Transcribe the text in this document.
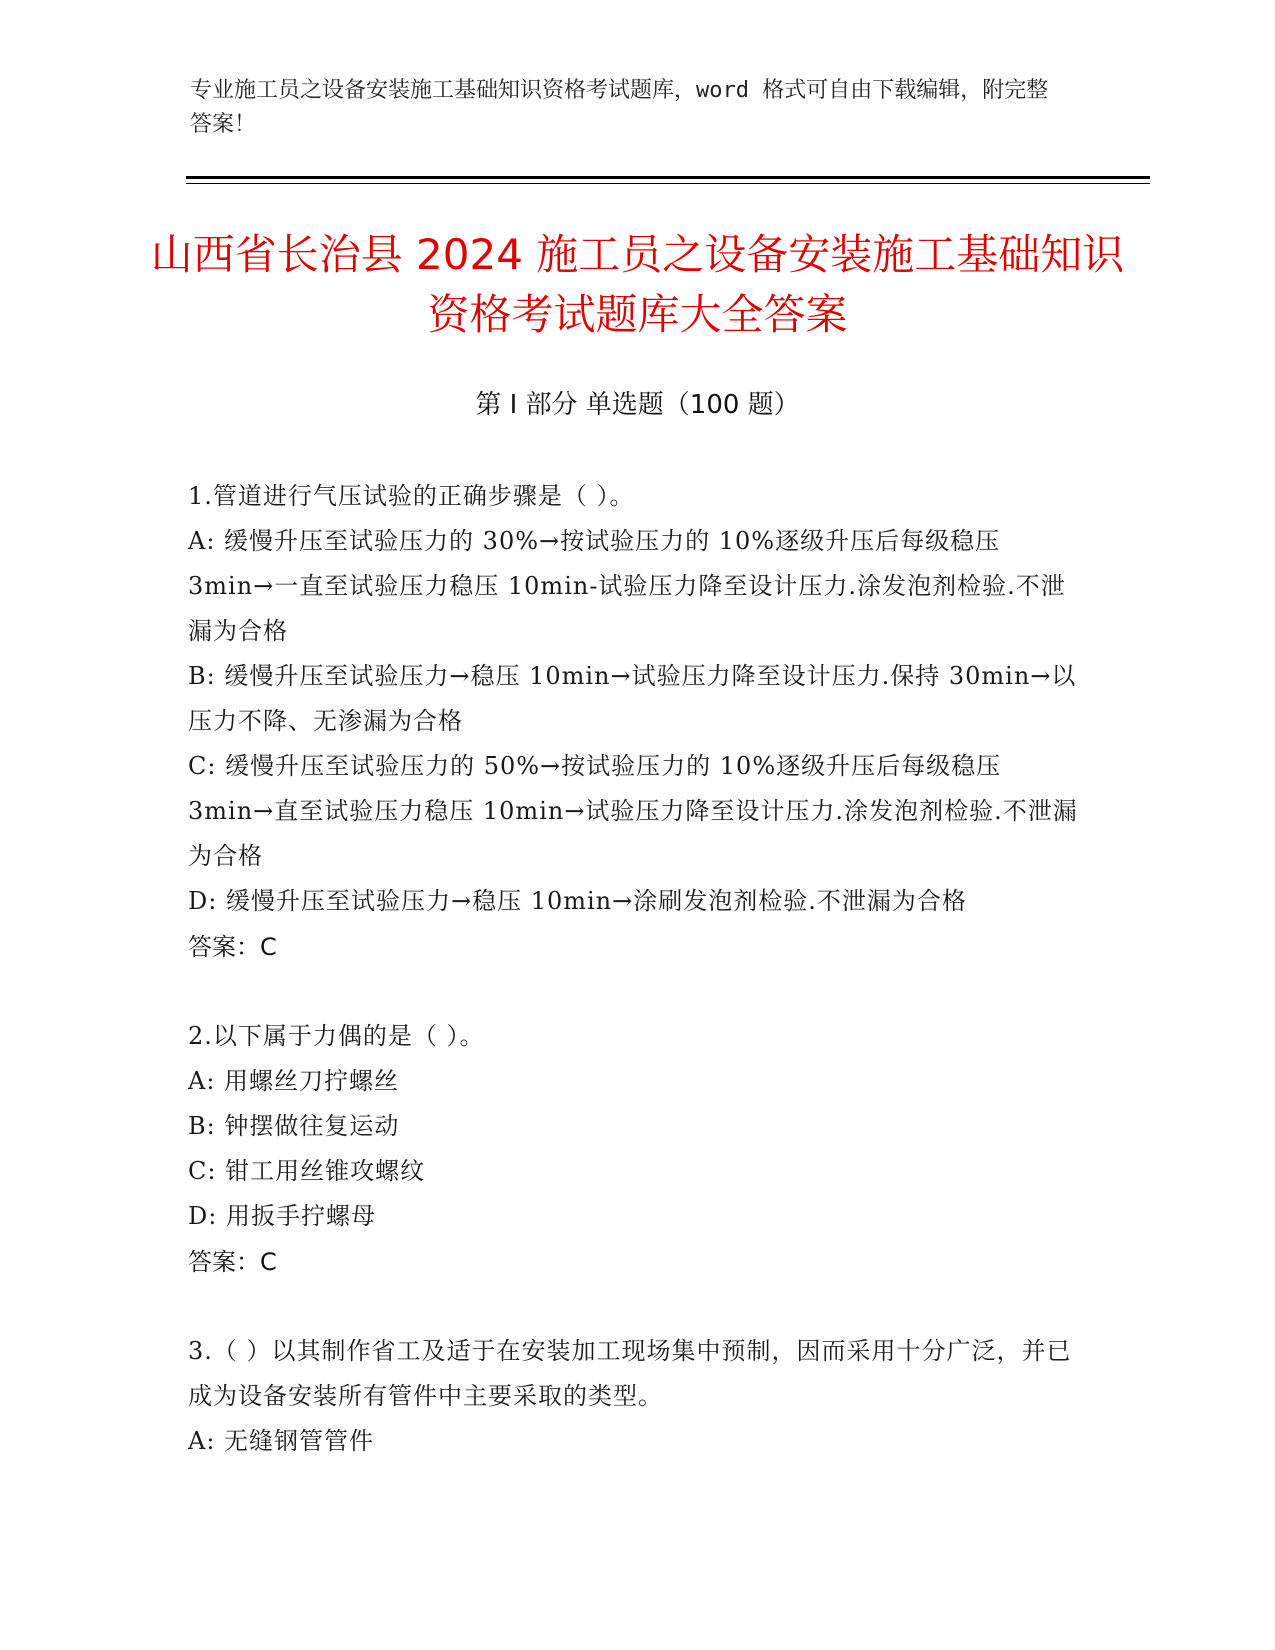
专业施工员之设备安装施工基础知识资格考试题库，word 格式可自由下载编辑，附完整答案！
山西省长治县 2024 施工员之设备安装施工基础知识资格考试题库大全答案
第 I 部分 单选题（100 题）
1.管道进行气压试验的正确步骤是（ ）。
A: 缓慢升压至试验压力的 30%→按试验压力的 10%逐级升压后每级稳压 3min→一直至试验压力稳压 10min-试验压力降至设计压力.涂发泡剂检验.不泄漏为合格
B: 缓慢升压至试验压力→稳压 10min→试验压力降至设计压力.保持 30min→以压力不降、无渗漏为合格
C: 缓慢升压至试验压力的 50%→按试验压力的 10%逐级升压后每级稳压 3min→直至试验压力稳压 10min→试验压力降至设计压力.涂发泡剂检验.不泄漏为合格
D: 缓慢升压至试验压力→稳压 10min→涂刷发泡剂检验.不泄漏为合格
答案：C
2.以下属于力偶的是（ ）。
A: 用螺丝刀拧螺丝
B: 钟摆做往复运动
C: 钳工用丝锥攻螺纹
D: 用扳手拧螺母
答案：C
3.（ ）以其制作省工及适于在安装加工现场集中预制，因而采用十分广泛，并已成为设备安装所有管件中主要采取的类型。
A: 无缝钢管管件
